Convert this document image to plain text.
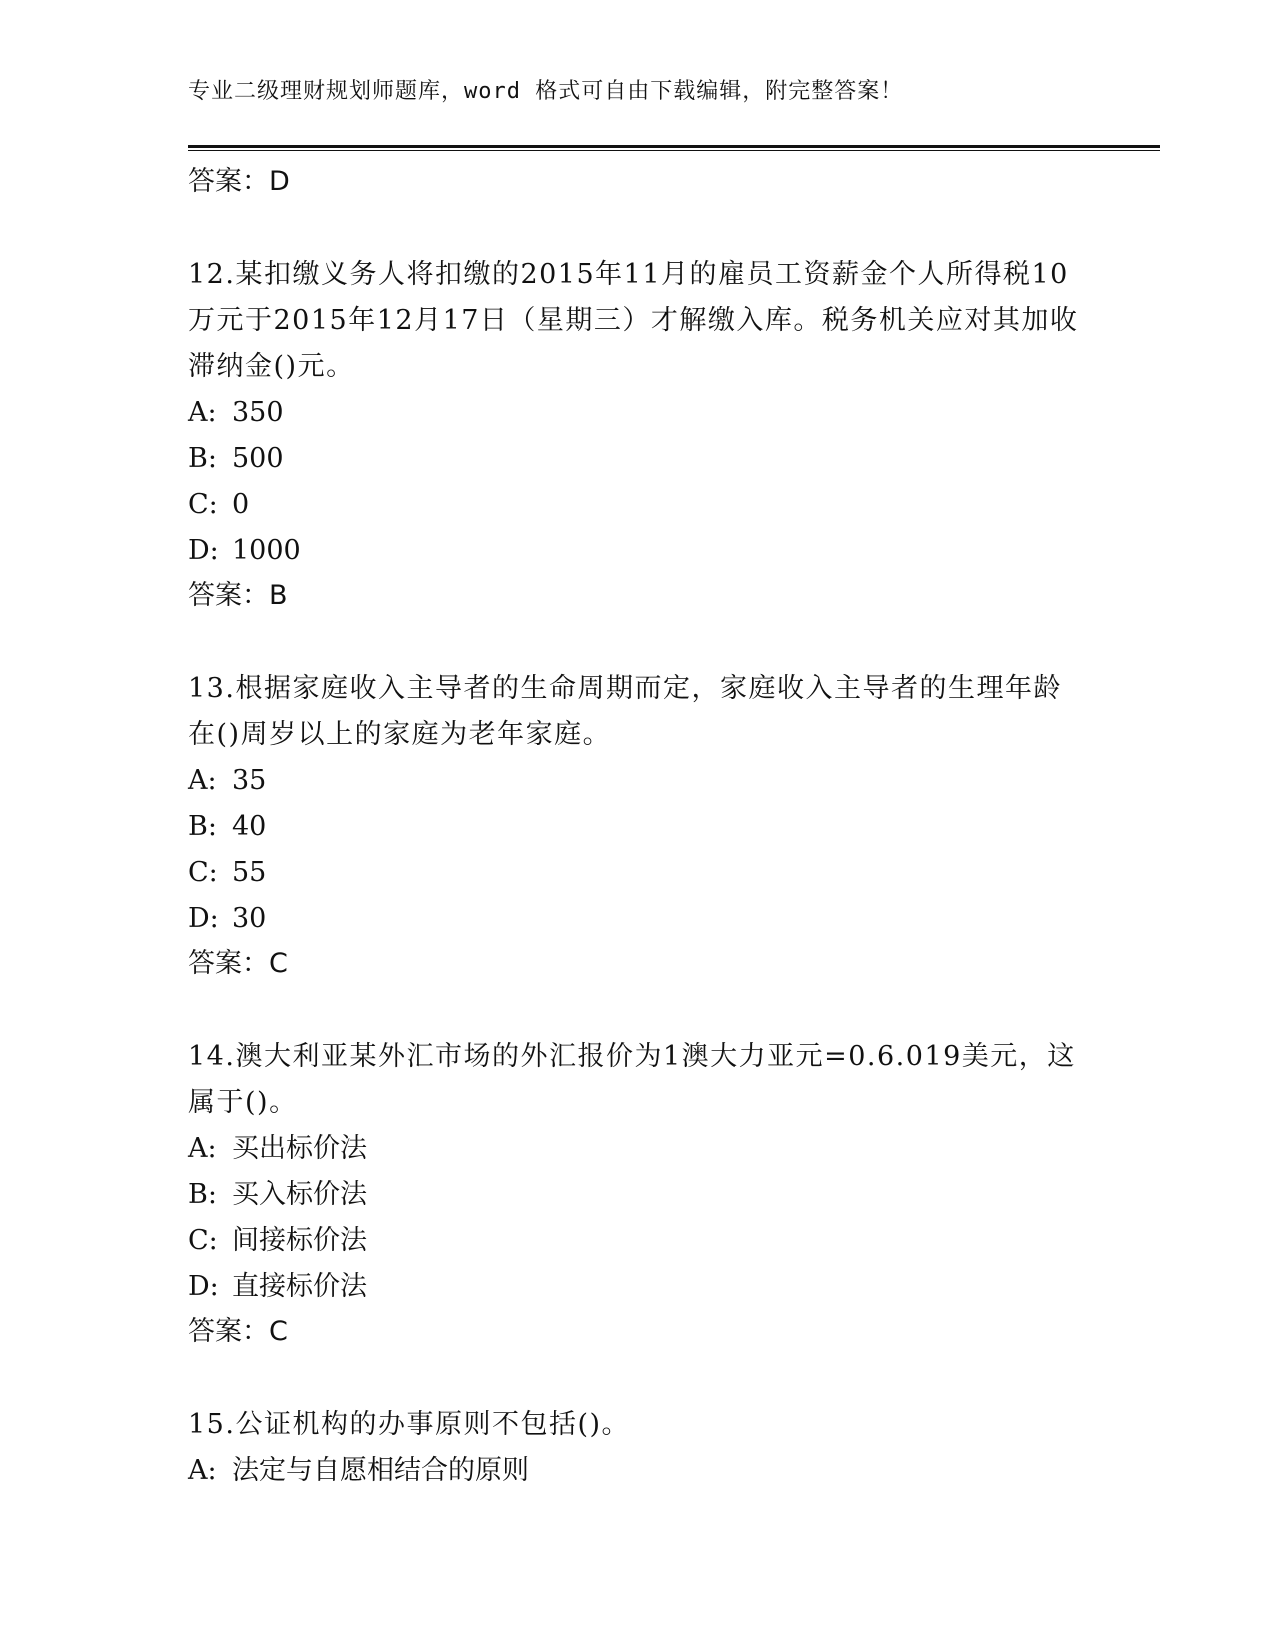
专业二级理财规划师题库，word 格式可自由下载编辑，附完整答案！
答案：D
12.某扣缴义务人将扣缴的2015年11月的雇员工资薪金个人所得税10万元于2015年12月17日（星期三）才解缴入库。税务机关应对其加收滞纳金()元。
A: 350
B: 500
C: 0
D: 1000
答案：B
13.根据家庭收入主导者的生命周期而定，家庭收入主导者的生理年龄在()周岁以上的家庭为老年家庭。
A: 35
B: 40
C: 55
D: 30
答案：C
14.澳大利亚某外汇市场的外汇报价为1澳大力亚元=0.6.019美元，这属于()。
A: 买出标价法
B: 买入标价法
C: 间接标价法
D: 直接标价法
答案：C
15.公证机构的办事原则不包括()。
A: 法定与自愿相结合的原则
